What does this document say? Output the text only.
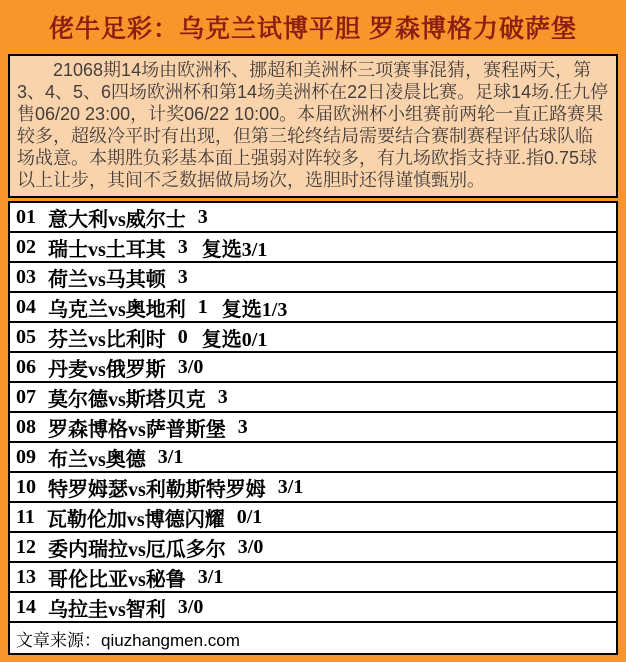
佬牛足彩：乌克兰试博平胆 罗森博格力破萨堡
21068期14场由欧洲杯、挪超和美洲杯三项赛事混猜，赛程两天，第3、4、5、6四场欧洲杯和第14场美洲杯在22日凌晨比赛。足球14场.任九停售06/20 23:00，计奖06/22 10:00。本届欧洲杯小组赛前两轮一直正路赛果较多，超级冷平时有出现，但第三轮终结局需要结合赛制赛程评估球队临场战意。本期胜负彩基本面上强弱对阵较多，有九场欧指支持亚.指0.75球以上让步，其间不乏数据做局场次，选胆时还得谨慎甄别。
01 意大利vs威尔士 3
02 瑞士vs土耳其 3 复选3/1
03 荷兰vs马其顿 3
04 乌克兰vs奥地利 1 复选1/3
05 芬兰vs比利时 0 复选0/1
06 丹麦vs俄罗斯 3/0
07 莫尔德vs斯塔贝克 3
08 罗森博格vs萨普斯堡 3
09 布兰vs奥德 3/1
10 特罗姆瑟vs利勒斯特罗姆 3/1
11 瓦勒伦加vs博德闪耀 0/1
12 委内瑞拉vs厄瓜多尔 3/0
13 哥伦比亚vs秘鲁 3/1
14 乌拉圭vs智利 3/0
文章来源：qiuzhangmen.com
